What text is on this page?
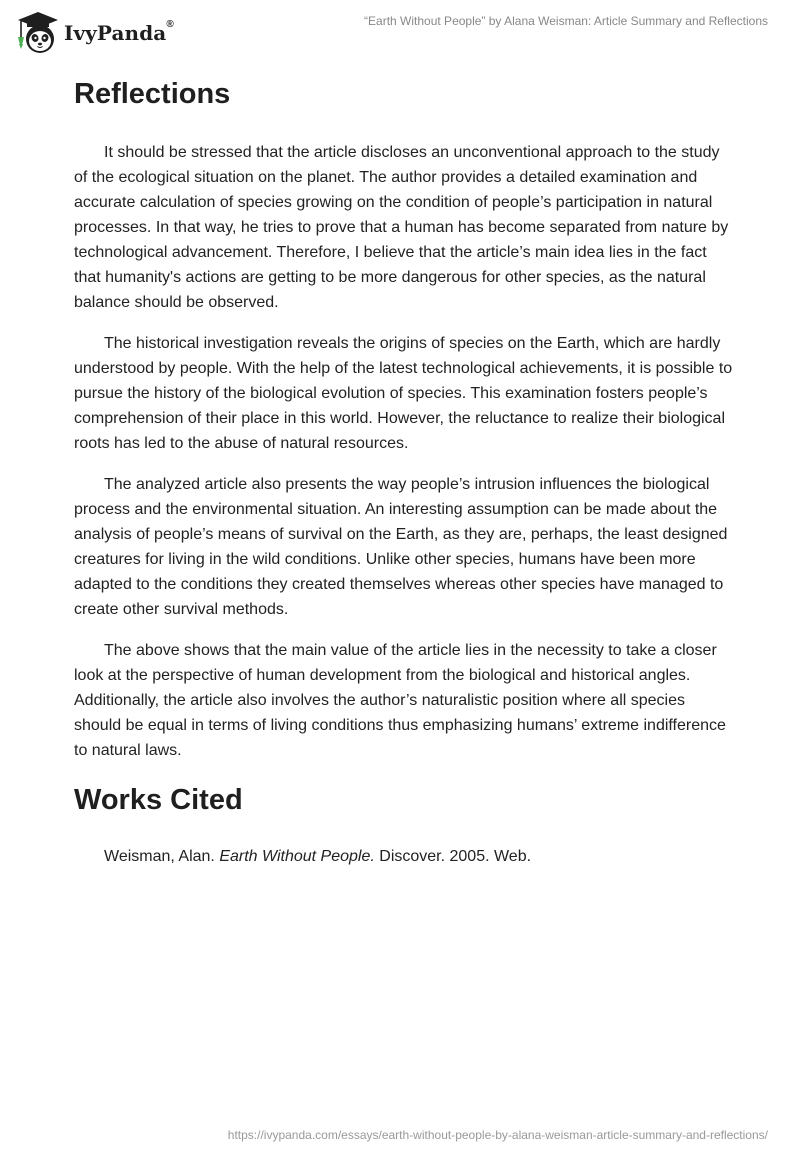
IvyPanda®	“Earth Without People” by Alana Weisman: Article Summary and Reflections
Reflections

It should be stressed that the article discloses an unconventional approach to the study of the ecological situation on the planet. The author provides a detailed examination and accurate calculation of species growing on the condition of people’s participation in natural processes. In that way, he tries to prove that a human has become separated from nature by technological advancement. Therefore, I believe that the article’s main idea lies in the fact that humanity's actions are getting to be more dangerous for other species, as the natural balance should be observed.

The historical investigation reveals the origins of species on the Earth, which are hardly understood by people. With the help of the latest technological achievements, it is possible to pursue the history of the biological evolution of species. This examination fosters people’s comprehension of their place in this world. However, the reluctance to realize their biological roots has led to the abuse of natural resources.

The analyzed article also presents the way people’s intrusion influences the biological process and the environmental situation. An interesting assumption can be made about the analysis of people’s means of survival on the Earth, as they are, perhaps, the least designed creatures for living in the wild conditions. Unlike other species, humans have been more adapted to the conditions they created themselves whereas other species have managed to create other survival methods.

The above shows that the main value of the article lies in the necessity to take a closer look at the perspective of human development from the biological and historical angles. Additionally, the article also involves the author’s naturalistic position where all species should be equal in terms of living conditions thus emphasizing humans’ extreme indifference to natural laws.

Works Cited

Weisman, Alan. Earth Without People. Discover. 2005. Web.

https://ivypanda.com/essays/earth-without-people-by-alana-weisman-article-summary-and-reflections/
